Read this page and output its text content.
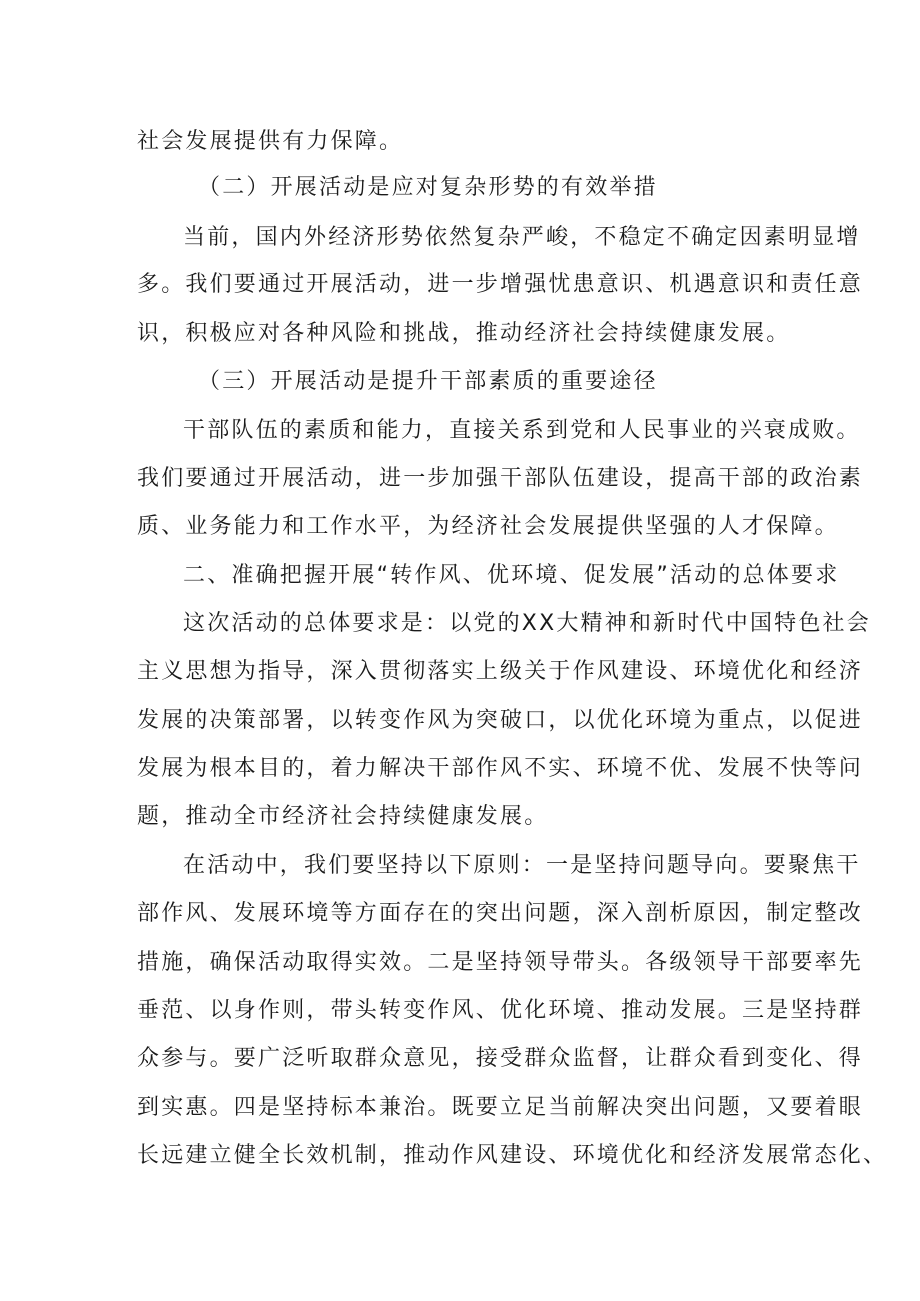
社会发展提供有力保障。
（二）开展活动是应对复杂形势的有效举措
当前，国内外经济形势依然复杂严峻，不稳定不确定因素明显增
多。我们要通过开展活动，进一步增强忧患意识、机遇意识和责任意
识，积极应对各种风险和挑战，推动经济社会持续健康发展。
（三）开展活动是提升干部素质的重要途径
干部队伍的素质和能力，直接关系到党和人民事业的兴衰成败。
我们要通过开展活动，进一步加强干部队伍建设，提高干部的政治素
质、业务能力和工作水平，为经济社会发展提供坚强的人才保障。
二、准确把握开展“转作风、优环境、促发展”活动的总体要求
这次活动的总体要求是：以党的XX大精神和新时代中国特色社会
主义思想为指导，深入贯彻落实上级关于作风建设、环境优化和经济
发展的决策部署，以转变作风为突破口，以优化环境为重点，以促进
发展为根本目的，着力解决干部作风不实、环境不优、发展不快等问
题，推动全市经济社会持续健康发展。
在活动中，我们要坚持以下原则：一是坚持问题导向。要聚焦干
部作风、发展环境等方面存在的突出问题，深入剖析原因，制定整改
措施，确保活动取得实效。二是坚持领导带头。各级领导干部要率先
垂范、以身作则，带头转变作风、优化环境、推动发展。三是坚持群
众参与。要广泛听取群众意见，接受群众监督，让群众看到变化、得
到实惠。四是坚持标本兼治。既要立足当前解决突出问题，又要着眼
长远建立健全长效机制，推动作风建设、环境优化和经济发展常态化、
